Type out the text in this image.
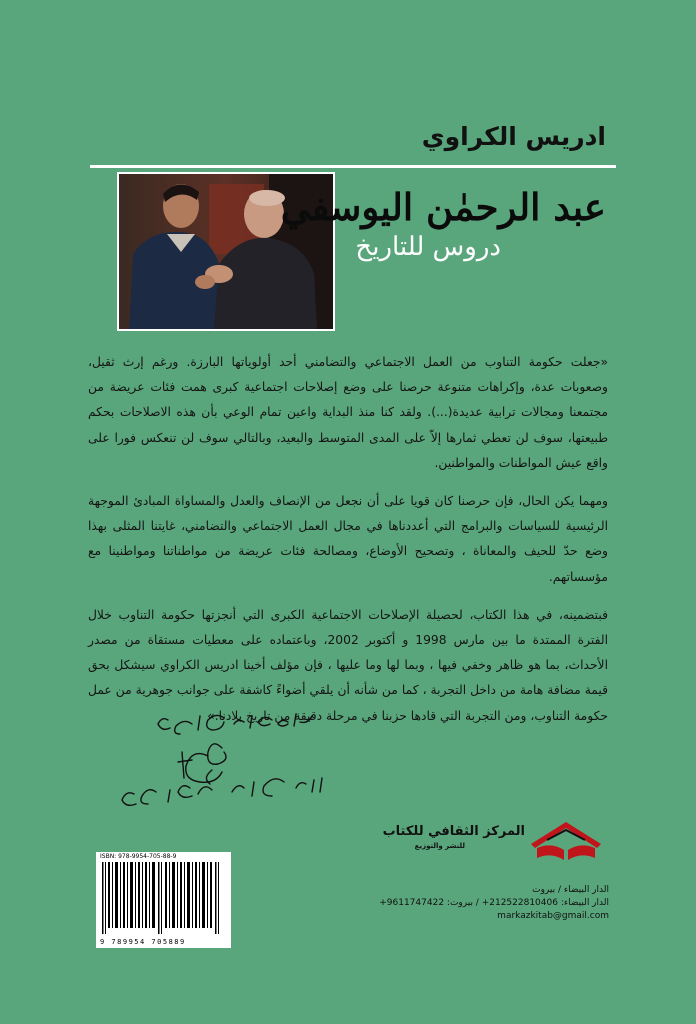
ادريس الكراوي
عبد الرحمٰن اليوسفي
دروس للتاريخ

«جعلت حكومة التناوب من العمل الاجتماعي والتضامني أحد أولوياتها البارزة. ورغم إرث ثقيل، وصعوبات عدة، وإكراهات متنوعة حرصنا على وضع إصلاحات اجتماعية كبرى همت فئات عريضة من مجتمعنا ومجالات ترابية عديدة(...). ولقد كنا منذ البداية واعين تمام الوعي بأن هذه الاصلاحات بحكم طبيعتها، سوف لن تعطي ثمارها إلاّ على المدى المتوسط والبعيد، وبالتالي سوف لن تنعكس فورا على واقع عيش المواطنات والمواطنين.

ومهما يكن الحال، فإن حرصنا كان قويا على أن نجعل من الإنصاف والعدل والمساواة المبادئ الموجهة الرئيسية للسياسات والبرامج التي أعددناها في مجال العمل الاجتماعي والتضامني، غايتنا المثلى بهذا وضع حدّ للحيف والمعاناة ، وتصحيح الأوضاع، ومصالحة فئات عريضة من مواطناتنا ومواطنينا مع مؤسساتهم.

فبتضمينه، في هذا الكتاب، لحصيلة الإصلاحات الاجتماعية الكبرى التي أنجزتها حكومة التناوب خلال الفترة الممتدة ما بين مارس 1998 و أكتوبر 2002، وباعتماده على معطيات مستقاة من مصدر الأحداث، بما هو ظاهر وخفي فيها ، وبما لها وما عليها ، فإن مؤلف أخينا ادريس الكراوي سيشكل بحق قيمة مضافة هامة من داخل التجربة ، كما من شأنه أن يلقي أضواءً كاشفة على جوانب جوهرية من عمل حكومة التناوب، ومن التجربة التي قادها حزبنا في مرحلة دقيقة من تاريخ بلادنا.»

المركز الثقافي للكتاب
للنشر والتوزيع
ISBN: 978-9954-705-88-9
9 789954 705889
الدار البيضاء / بيروت
الدار البيضاء: 212522810406+ / بيروت: 9611747422+
markazkitab@gmail.com
